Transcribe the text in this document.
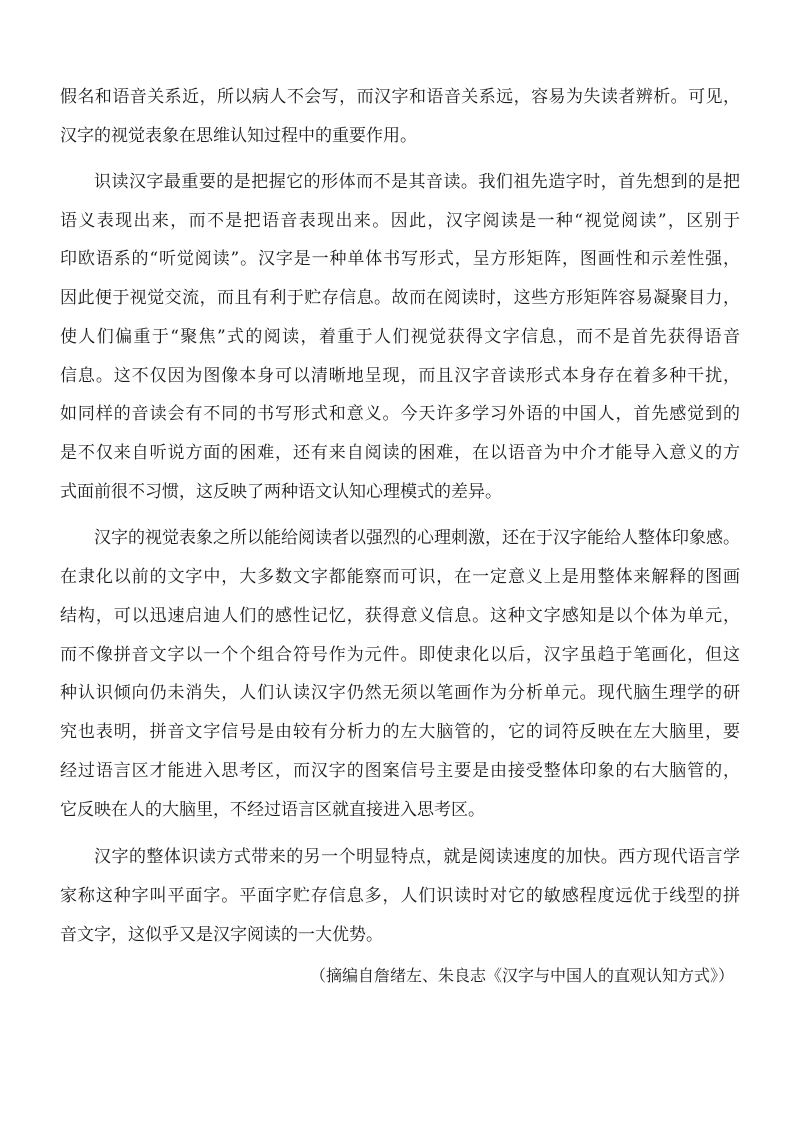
假名和语音关系近，所以病人不会写，而汉字和语音关系远，容易为失读者辨析。可见，
汉字的视觉表象在思维认知过程中的重要作用。
识读汉字最重要的是把握它的形体而不是其音读。我们祖先造字时，首先想到的是把
语义表现出来，而不是把语音表现出来。因此，汉字阅读是一种“视觉阅读”，区别于
印欧语系的“听觉阅读”。汉字是一种单体书写形式，呈方形矩阵，图画性和示差性强，
因此便于视觉交流，而且有利于贮存信息。故而在阅读时，这些方形矩阵容易凝聚目力，
使人们偏重于“聚焦”式的阅读，着重于人们视觉获得文字信息，而不是首先获得语音
信息。这不仅因为图像本身可以清晰地呈现，而且汉字音读形式本身存在着多种干扰，
如同样的音读会有不同的书写形式和意义。今天许多学习外语的中国人，首先感觉到的
是不仅来自听说方面的困难，还有来自阅读的困难，在以语音为中介才能导入意义的方
式面前很不习惯，这反映了两种语文认知心理模式的差异。
汉字的视觉表象之所以能给阅读者以强烈的心理刺激，还在于汉字能给人整体印象感。
在隶化以前的文字中，大多数文字都能察而可识，在一定意义上是用整体来解释的图画
结构，可以迅速启迪人们的感性记忆，获得意义信息。这种文字感知是以个体为单元，
而不像拼音文字以一个个组合符号作为元件。即使隶化以后，汉字虽趋于笔画化，但这
种认识倾向仍未消失，人们认读汉字仍然无须以笔画作为分析单元。现代脑生理学的研
究也表明，拼音文字信号是由较有分析力的左大脑管的，它的词符反映在左大脑里，要
经过语言区才能进入思考区，而汉字的图案信号主要是由接受整体印象的右大脑管的，
它反映在人的大脑里，不经过语言区就直接进入思考区。
汉字的整体识读方式带来的另一个明显特点，就是阅读速度的加快。西方现代语言学
家称这种字叫平面字。平面字贮存信息多，人们识读时对它的敏感程度远优于线型的拼
音文字，这似乎又是汉字阅读的一大优势。
（摘编自詹绪左、朱良志《汉字与中国人的直观认知方式》）
